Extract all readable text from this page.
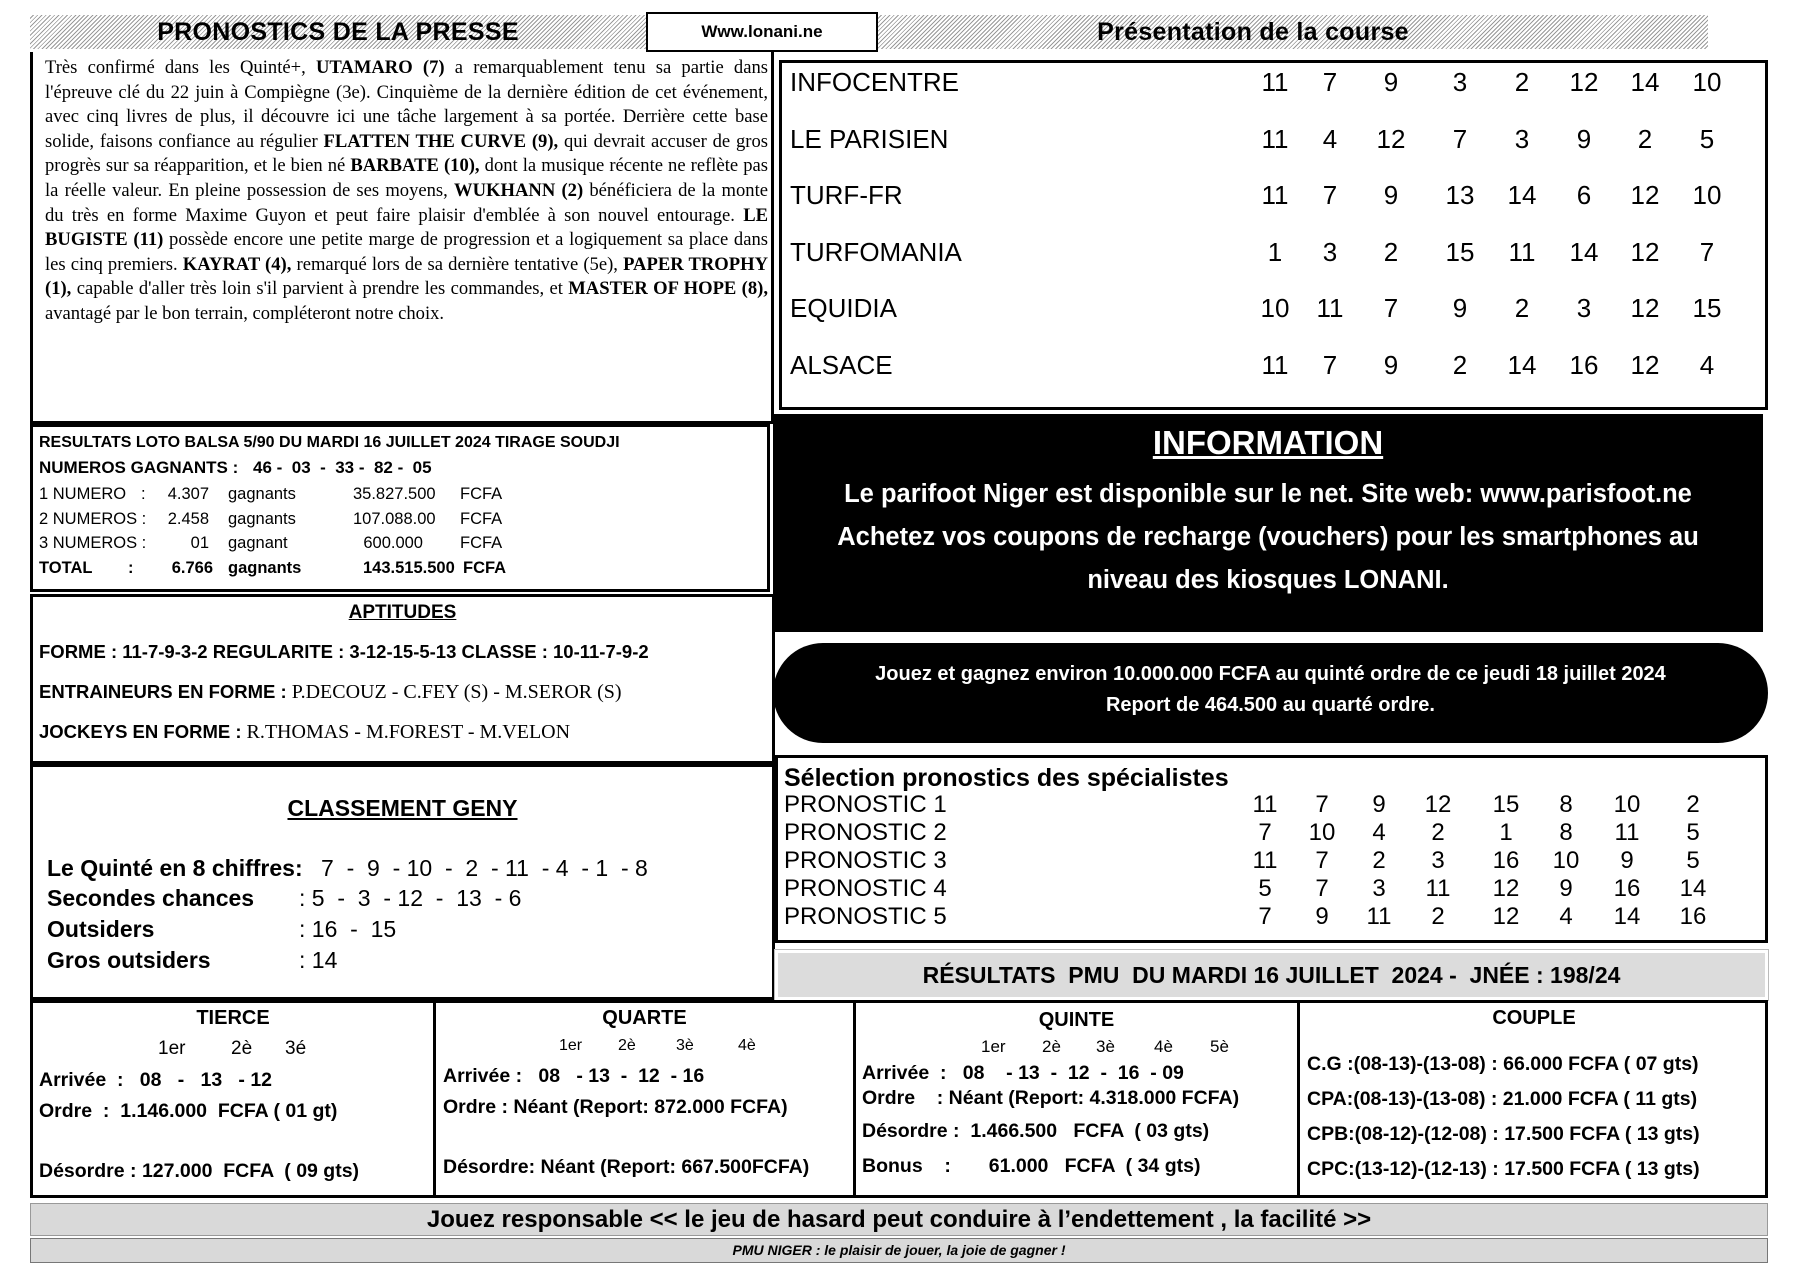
PRONOSTICS DE LA PRESSE	Www.lonani.ne	Présentation de la course
Très confirmé dans les Quinté+, UTAMARO (7) a remarquablement tenu sa partie dans l'épreuve clé du 22 juin à Compiègne (3e). Cinquième de la dernière édition de cet événement, avec cinq livres de plus, il découvre ici une tâche largement à sa portée. Derrière cette base solide, faisons confiance au régulier FLATTEN THE CURVE (9), qui devrait accuser de gros progrès sur sa réapparition, et le bien né BARBATE (10), dont la musique récente ne reflète pas la réelle valeur. En pleine possession de ses moyens, WUKHANN (2) bénéficiera de la monte du très en forme Maxime Guyon et peut faire plaisir d'emblée à son nouvel entourage. LE BUGISTE (11) possède encore une petite marge de progression et a logiquement sa place dans les cinq premiers. KAYRAT (4), remarqué lors de sa dernière tentative (5e), PAPER TROPHY (1), capable d'aller très loin s'il parvient à prendre les commandes, et MASTER OF HOPE (8), avantagé par le bon terrain, compléteront notre choix.
INFOCENTRE	11	7	9	3	2	12	14	10
LE PARISIEN	11	4	12	7	3	9	2	5
TURF-FR	11	7	9	13	14	6	12	10
TURFOMANIA	1	3	2	15	11	14	12	7
EQUIDIA	10	11	7	9	2	3	12	15
ALSACE	11	7	9	2	14	16	12	4
RESULTATS LOTO BALSA 5/90 DU MARDI 16 JUILLET 2024 TIRAGE SOUDJI
NUMEROS GAGNANTS : 46 -  03  -  33 -  82 -  05
1 NUMERO :	4.307 gagnants	35.827.500 FCFA
2 NUMEROS :	2.458 gagnants	107.088.00 FCFA
3 NUMEROS :	01 gagnant	600.000 FCFA
TOTAL :	6.766 gagnants	143.515.500 FCFA
INFORMATION
Le parifoot Niger est disponible sur le net. Site web: www.parisfoot.ne
Achetez vos coupons de recharge (vouchers) pour les smartphones au
niveau des kiosques LONANI.
Jouez et gagnez environ 10.000.000 FCFA au quinté ordre de ce jeudi 18 juillet 2024
Report de 464.500 au quarté ordre.
APTITUDES
FORME : 11-7-9-3-2 REGULARITE : 3-12-15-5-13 CLASSE : 10-11-7-9-2
ENTRAINEURS EN FORME : P.DECOUZ - C.FEY (S) - M.SEROR (S)
JOCKEYS EN FORME : R.THOMAS - M.FOREST - M.VELON
CLASSEMENT GENY
Le Quinté en 8 chiffres: 7  -  9  - 10  -  2  - 11  - 4  - 1  - 8
Secondes chances : 5  -  3  - 12  -  13  - 6
Outsiders	: 16  -  15
Gros outsiders	: 14
Sélection pronostics des spécialistes
PRONOSTIC 1	11	7	9	12	15	8	10	2
PRONOSTIC 2	7	10	4	2	1	8	11	5
PRONOSTIC 3	11	7	2	3	16	10	9	5
PRONOSTIC 4	5	7	3	11	12	9	16	14
PRONOSTIC 5	7	9	11	2	12	4	14	16
RÉSULTATS  PMU  DU MARDI 16 JUILLET  2024 -  JNÉE : 198/24
TIERCE
1er 2è 3é
Arrivée  :   08   -   13   - 12
Ordre  :  1.146.000  FCFA ( 01 gt)
Désordre : 127.000  FCFA  ( 09 gts)
QUARTE
1er 2è	3è	4è
Arrivée :   08   - 13  -  12  - 16
Ordre : Néant (Report: 872.000 FCFA)
Désordre: Néant (Report: 667.500FCFA)
QUINTE
1er 2è 3è 4è 5è
Arrivée  :   08    - 13  -  12  -  16  - 09
Ordre    : Néant (Report: 4.318.000 FCFA)
Désordre :  1.466.500   FCFA  ( 03 gts)
Bonus    :       61.000   FCFA  ( 34 gts)
COUPLE
C.G :(08-13)-(13-08) : 66.000 FCFA ( 07 gts)
CPA:(08-13)-(13-08) : 21.000 FCFA ( 11 gts)
CPB:(08-12)-(12-08) : 17.500 FCFA ( 13 gts)
CPC:(13-12)-(12-13) : 17.500 FCFA ( 13 gts)
Jouez responsable << le jeu de hasard peut conduire à l’endettement , la facilité >>
PMU NIGER : le plaisir de jouer, la joie de gagner !
